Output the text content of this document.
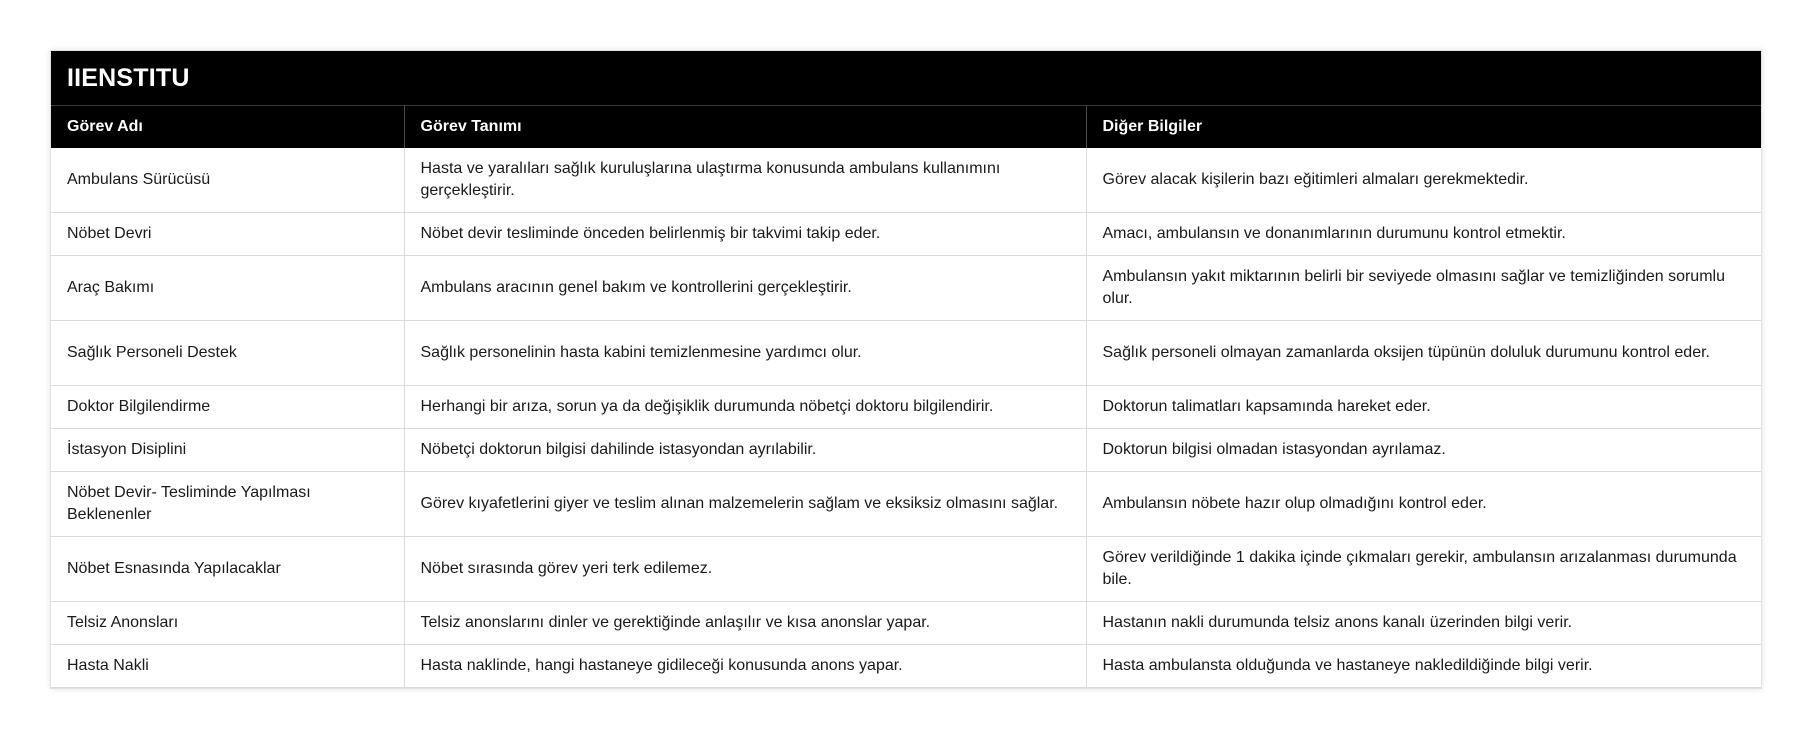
IIENSTITU
Görev Adı	Görev Tanımı	Diğer Bilgiler
Ambulans Sürücüsü	Hasta ve yaralıları sağlık kuruluşlarına ulaştırma konusunda ambulans kullanımını gerçekleştirir.	Görev alacak kişilerin bazı eğitimleri almaları gerekmektedir.
Nöbet Devri	Nöbet devir tesliminde önceden belirlenmiş bir takvimi takip eder.	Amacı, ambulansın ve donanımlarının durumunu kontrol etmektir.
Araç Bakımı	Ambulans aracının genel bakım ve kontrollerini gerçekleştirir.	Ambulansın yakıt miktarının belirli bir seviyede olmasını sağlar ve temizliğinden sorumlu olur.
Sağlık Personeli Destek	Sağlık personelinin hasta kabini temizlenmesine yardımcı olur.	Sağlık personeli olmayan zamanlarda oksijen tüpünün doluluk durumunu kontrol eder.
Doktor Bilgilendirme	Herhangi bir arıza, sorun ya da değişiklik durumunda nöbetçi doktoru bilgilendirir.	Doktorun talimatları kapsamında hareket eder.
İstasyon Disiplini	Nöbetçi doktorun bilgisi dahilinde istasyondan ayrılabilir.	Doktorun bilgisi olmadan istasyondan ayrılamaz.
Nöbet Devir- Tesliminde Yapılması Beklenenler	Görev kıyafetlerini giyer ve teslim alınan malzemelerin sağlam ve eksiksiz olmasını sağlar.	Ambulansın nöbete hazır olup olmadığını kontrol eder.
Nöbet Esnasında Yapılacaklar	Nöbet sırasında görev yeri terk edilemez.	Görev verildiğinde 1 dakika içinde çıkmaları gerekir, ambulansın arızalanması durumunda bile.
Telsiz Anonsları	Telsiz anonslarını dinler ve gerektiğinde anlaşılır ve kısa anonslar yapar.	Hastanın nakli durumunda telsiz anons kanalı üzerinden bilgi verir.
Hasta Nakli	Hasta naklinde, hangi hastaneye gidileceği konusunda anons yapar.	Hasta ambulansta olduğunda ve hastaneye nakledildiğinde bilgi verir.
